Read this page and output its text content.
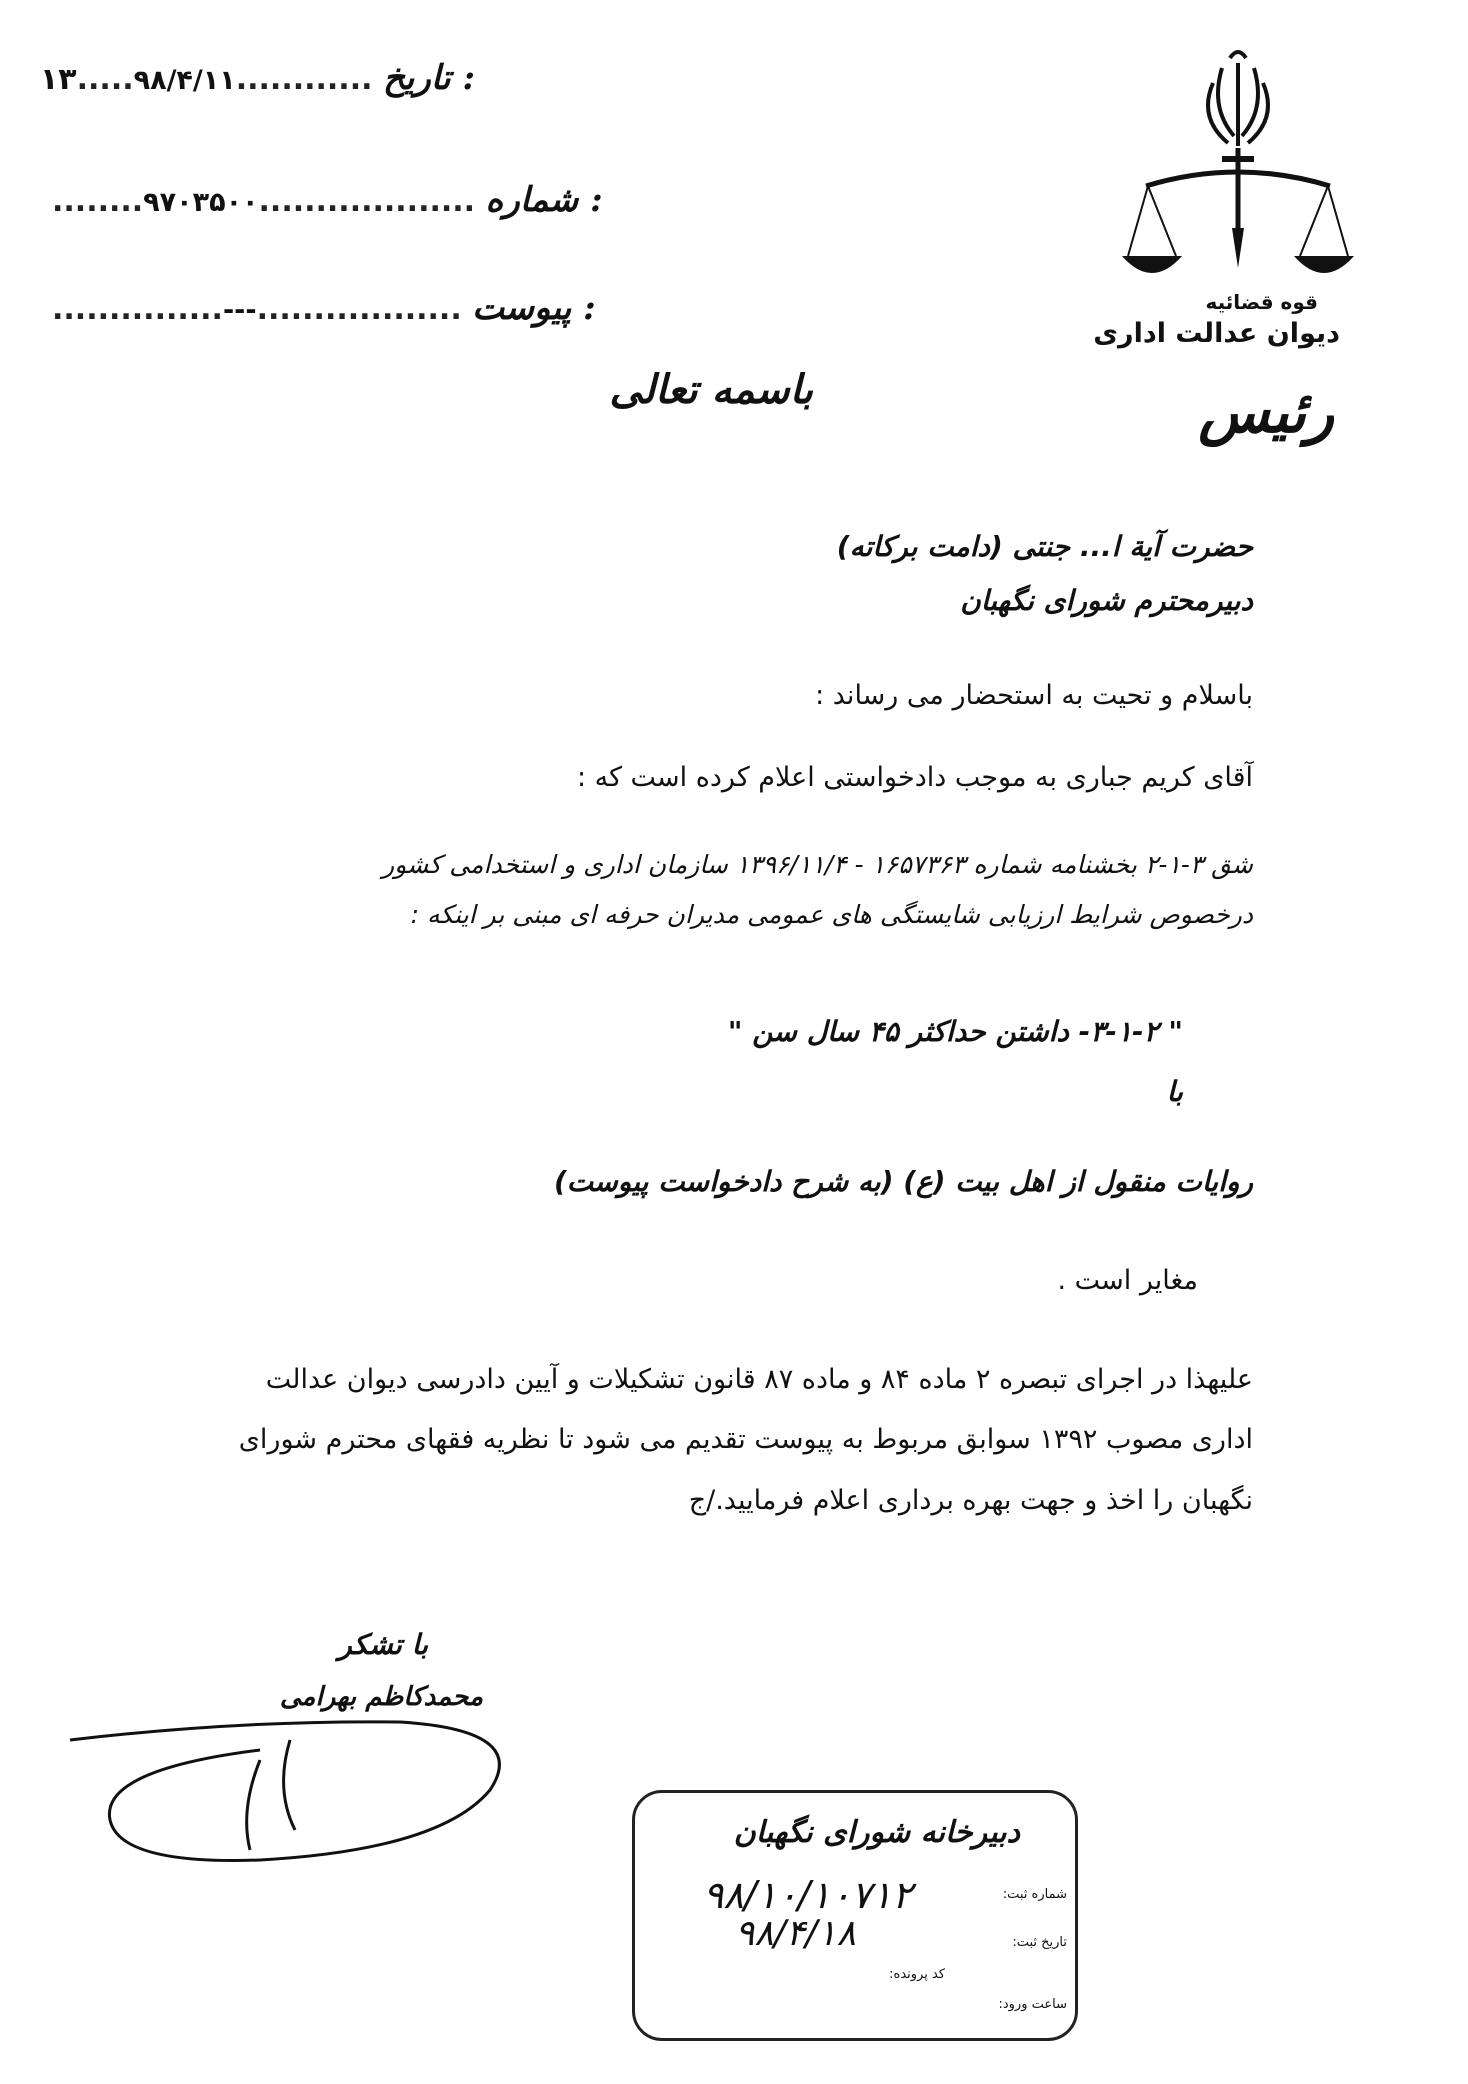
۱۳.....۹۸/۴/۱۱............ تاریخ :
........۹۷۰۳۵۰۰................... شماره :
...............---.................. پیوست :	قوه قضائیه
دیوان عدالت اداری
رئیس
باسمه تعالی
حضرت آیة ا... جنتی (دامت برکاته)
دبیرمحترم شورای نگهبان
باسلام و تحیت به استحضار می رساند :
آقای کریم جباری به موجب دادخواستی اعلام کرده است که :
شق ۳-۱-۲ بخشنامه شماره ۱۶۵۷۳۶۳ - ۱۳۹۶/۱۱/۴ سازمان اداری و استخدامی کشور
درخصوص شرایط ارزیابی شایستگی های عمومی مدیران حرفه ای مبنی بر اینکه :
" ۳-۱-۲- داشتن حداکثر ۴۵ سال سن "
با
روایات منقول از اهل بیت (ع) (به شرح دادخواست پیوست)
مغایر است .
علیهذا در اجرای تبصره ۲ ماده ۸۴ و ماده ۸۷ قانون تشکیلات و آیین دادرسی دیوان عدالت
اداری مصوب ۱۳۹۲ سوابق مربوط به پیوست تقدیم می شود تا نظریه فقهای محترم شورای
نگهبان را اخذ و جهت بهره برداری اعلام فرمایید./ج
با تشکر
محمدکاظم بهرامی
دبیرخانه شورای نگهبان
شماره ثبت:
۹۸/۱۰/۱۰۷۱۲
تاریخ ثبت:
۹۸/۴/۱۸
کد پرونده:
ساعت ورود:
